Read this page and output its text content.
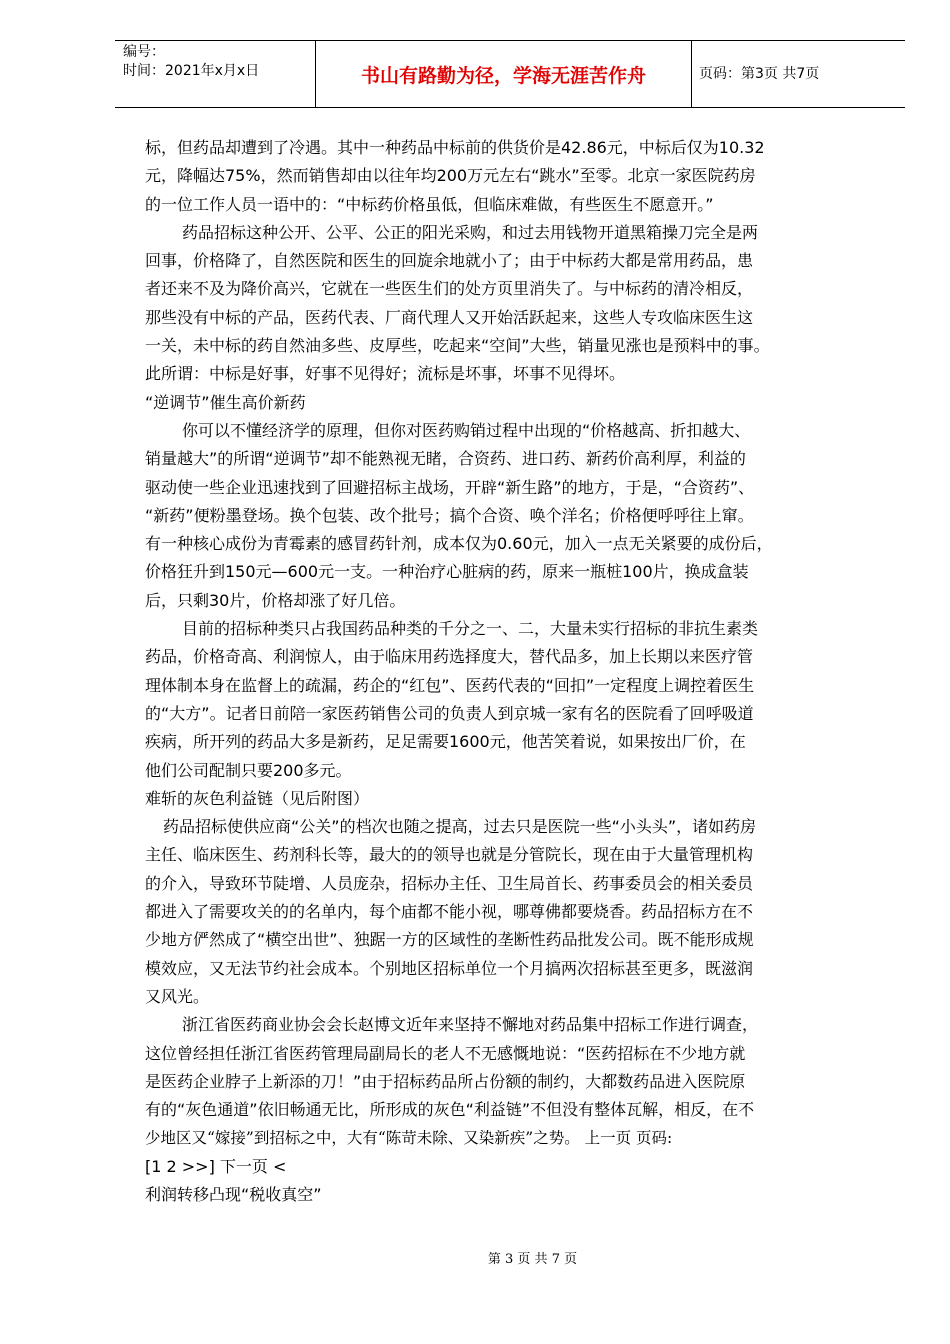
编号：
时间：2021年x月x日	书山有路勤为径，学海无涯苦作舟	页码：第3页 共7页
标，但药品却遭到了冷遇。其中一种药品中标前的供货价是42.86元，中标后仅为10.32
元，降幅达75%，然而销售却由以往年均200万元左右“跳水”至零。北京一家医院药房
的一位工作人员一语中的：“中标药价格虽低，但临床难做，有些医生不愿意开。”
药品招标这种公开、公平、公正的阳光采购，和过去用钱物开道黑箱操刀完全是两
回事，价格降了，自然医院和医生的回旋余地就小了；由于中标药大都是常用药品，患
者还来不及为降价高兴，它就在一些医生们的处方页里消失了。与中标药的清冷相反，
那些没有中标的产品，医药代表、厂商代理人又开始活跃起来，这些人专攻临床医生这
一关，未中标的药自然油多些、皮厚些，吃起来“空间”大些，销量见涨也是预料中的事。
此所谓：中标是好事，好事不见得好；流标是坏事，坏事不见得坏。
“逆调节”催生高价新药
你可以不懂经济学的原理，但你对医药购销过程中出现的“价格越高、折扣越大、
销量越大”的所谓“逆调节”却不能熟视无睹，合资药、进口药、新药价高利厚，利益的
驱动使一些企业迅速找到了回避招标主战场，开辟“新生路”的地方，于是，“合资药”、
“新药”便粉墨登场。换个包装、改个批号；搞个合资、唤个洋名；价格便呼呼往上窜。
有一种核心成份为青霉素的感冒药针剂，成本仅为0.60元，加入一点无关紧要的成份后，
价格狂升到150元—600元一支。一种治疗心脏病的药，原来一瓶桩100片，换成盒装
后，只剩30片，价格却涨了好几倍。
目前的招标种类只占我国药品种类的千分之一、二，大量未实行招标的非抗生素类
药品，价格奇高、利润惊人，由于临床用药选择度大，替代品多，加上长期以来医疗管
理体制本身在监督上的疏漏，药企的“红包”、医药代表的“回扣”一定程度上调控着医生
的“大方”。记者日前陪一家医药销售公司的负责人到京城一家有名的医院看了回呼吸道
疾病，所开列的药品大多是新药，足足需要1600元，他苦笑着说，如果按出厂价，在
他们公司配制只要200多元。
难斩的灰色利益链（见后附图）
药品招标使供应商“公关”的档次也随之提高，过去只是医院一些“小头头”，诸如药房
主任、临床医生、药剂科长等，最大的的领导也就是分管院长，现在由于大量管理机构
的介入，导致环节陡增、人员庞杂，招标办主任、卫生局首长、药事委员会的相关委员
都进入了需要攻关的的名单内，每个庙都不能小视，哪尊佛都要烧香。药品招标方在不
少地方俨然成了“横空出世”、独踞一方的区域性的垄断性药品批发公司。既不能形成规
模效应，又无法节约社会成本。个别地区招标单位一个月搞两次招标甚至更多，既滋润
又风光。
浙江省医药商业协会会长赵博文近年来坚持不懈地对药品集中招标工作进行调查，
这位曾经担任浙江省医药管理局副局长的老人不无感慨地说：“医药招标在不少地方就
是医药企业脖子上新添的刀！”由于招标药品所占份额的制约，大都数药品进入医院原
有的“灰色通道”依旧畅通无比，所形成的灰色“利益链”不但没有整体瓦解，相反，在不
少地区又“嫁接”到招标之中，大有“陈苛未除、又染新疾”之势。 上一页 页码:
[1 2 >>] 下一页 <
利润转移凸现“税收真空”
第 3 页 共 7 页
